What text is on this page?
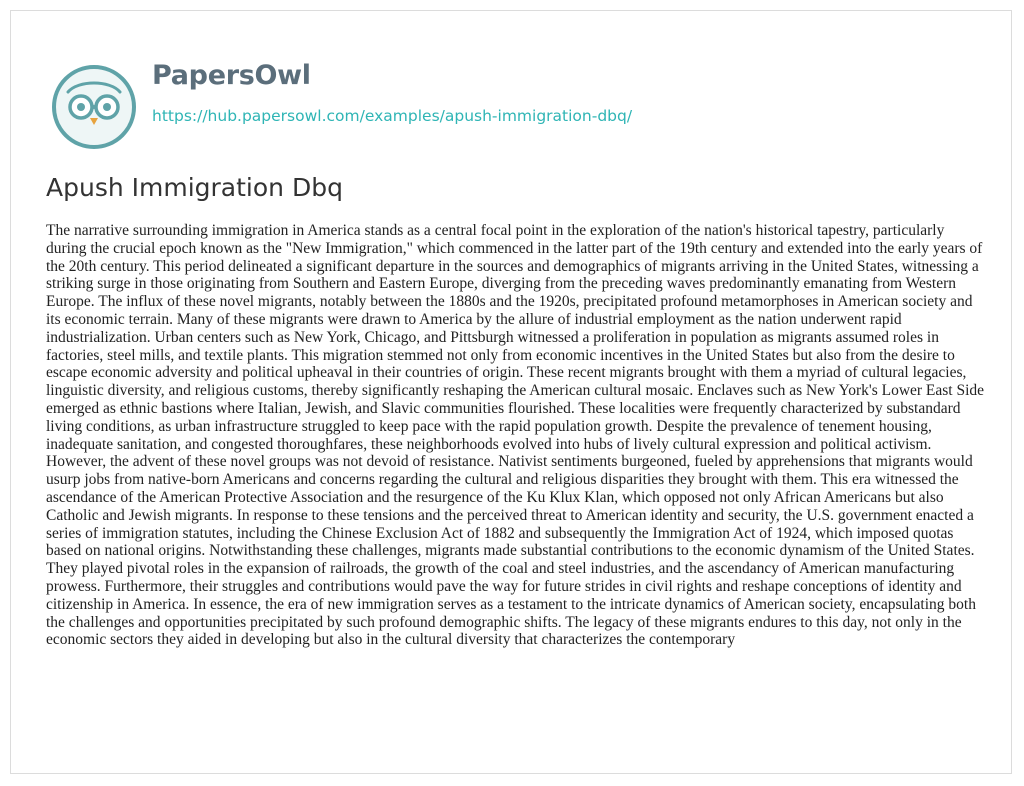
PapersOwl
https://hub.papersowl.com/examples/apush-immigration-dbq/
Apush Immigration Dbq

The narrative surrounding immigration in America stands as a central focal point in the exploration of the nation's historical tapestry, particularly during the crucial epoch known as the "New Immigration," which commenced in the latter part of the 19th century and extended into the early years of the 20th century. This period delineated a significant departure in the sources and demographics of migrants arriving in the United States, witnessing a striking surge in those originating from Southern and Eastern Europe, diverging from the preceding waves predominantly emanating from Western Europe. The influx of these novel migrants, notably between the 1880s and the 1920s, precipitated profound metamorphoses in American society and its economic terrain. Many of these migrants were drawn to America by the allure of industrial employment as the nation underwent rapid industrialization. Urban centers such as New York, Chicago, and Pittsburgh witnessed a proliferation in population as migrants assumed roles in factories, steel mills, and textile plants. This migration stemmed not only from economic incentives in the United States but also from the desire to escape economic adversity and political upheaval in their countries of origin. These recent migrants brought with them a myriad of cultural legacies, linguistic diversity, and religious customs, thereby significantly reshaping the American cultural mosaic. Enclaves such as New York's Lower East Side emerged as ethnic bastions where Italian, Jewish, and Slavic communities flourished. These localities were frequently characterized by substandard living conditions, as urban infrastructure struggled to keep pace with the rapid population growth. Despite the prevalence of tenement housing, inadequate sanitation, and congested thoroughfares, these neighborhoods evolved into hubs of lively cultural expression and political activism. However, the advent of these novel groups was not devoid of resistance. Nativist sentiments burgeoned, fueled by apprehensions that migrants would usurp jobs from native-born Americans and concerns regarding the cultural and religious disparities they brought with them. This era witnessed the ascendance of the American Protective Association and the resurgence of the Ku Klux Klan, which opposed not only African Americans but also Catholic and Jewish migrants. In response to these tensions and the perceived threat to American identity and security, the U.S. government enacted a series of immigration statutes, including the Chinese Exclusion Act of 1882 and subsequently the Immigration Act of 1924, which imposed quotas based on national origins. Notwithstanding these challenges, migrants made substantial contributions to the economic dynamism of the United States. They played pivotal roles in the expansion of railroads, the growth of the coal and steel industries, and the ascendancy of American manufacturing prowess. Furthermore, their struggles and contributions would pave the way for future strides in civil rights and reshape conceptions of identity and citizenship in America. In essence, the era of new immigration serves as a testament to the intricate dynamics of American society, encapsulating both the challenges and opportunities precipitated by such profound demographic shifts. The legacy of these migrants endures to this day, not only in the economic sectors they aided in developing but also in the cultural diversity that characterizes the contemporary
